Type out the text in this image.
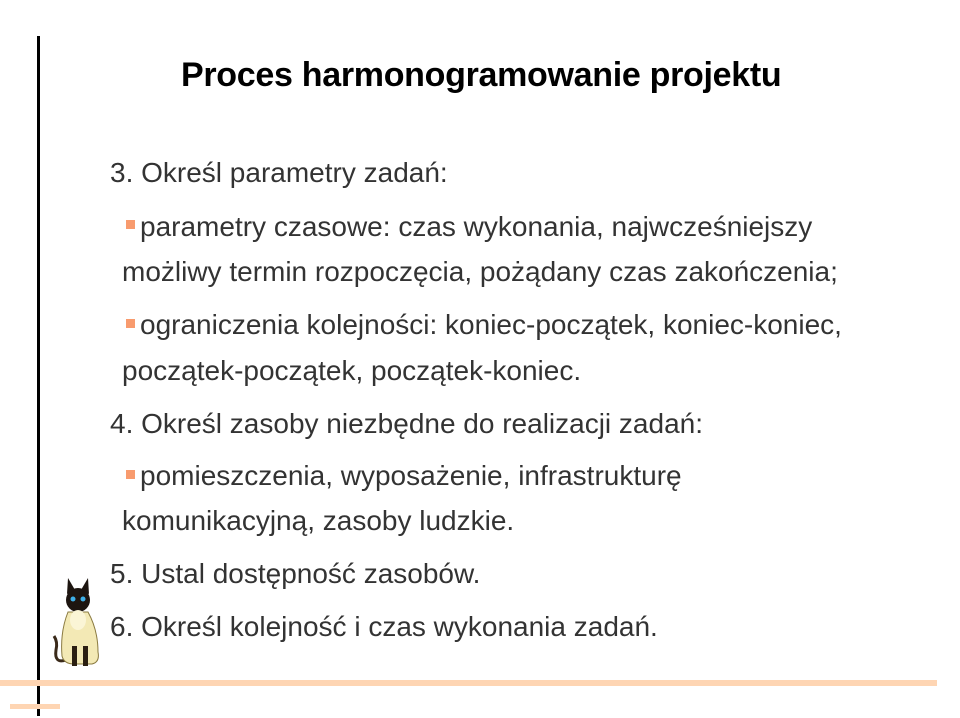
ZPI 2008 ©W.Suslow	Proces harmonogramowanie projektu
3. Określ parametry zadań:
parametry czasowe: czas wykonania, najwcześniejszy
możliwy termin rozpoczęcia, pożądany czas zakończenia;
ograniczenia kolejności: koniec-początek, koniec-koniec,
początek-początek, początek-koniec.
4. Określ zasoby niezbędne do realizacji zadań:
pomieszczenia, wyposażenie, infrastrukturę
komunikacyjną, zasoby ludzkie.
5. Ustal dostępność zasobów.
6. Określ kolejność i czas wykonania zadań.
